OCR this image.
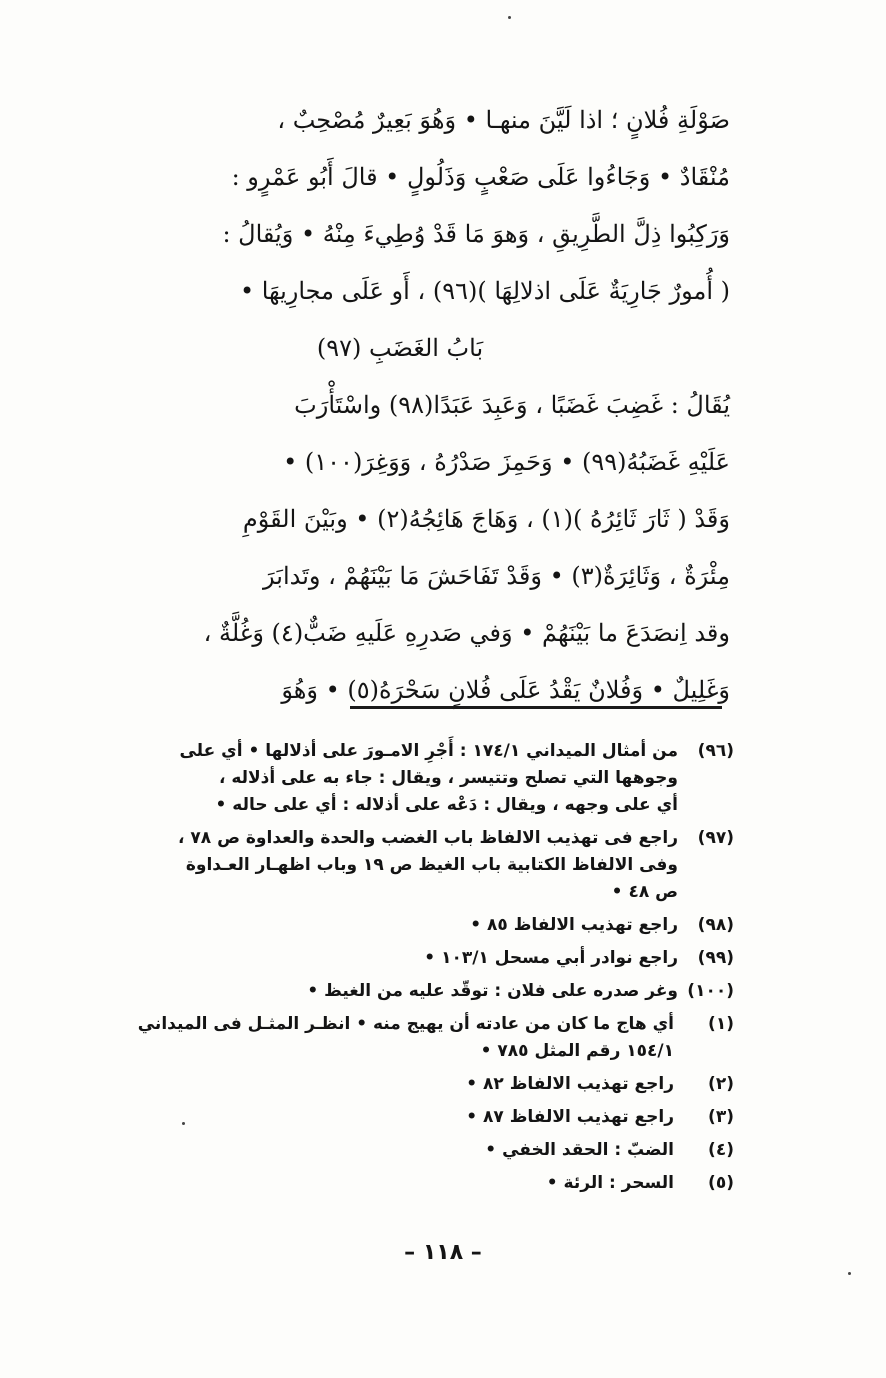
صَوْلَةِ فُلانٍ ؛ اذا لَيَّنَ منهـا • وَهُوَ بَعِيرٌ مُصْحِبٌ ،
مُنْقَادٌ • وَجَاءُوا عَلَى صَعْبٍ وَذَلُولٍ • قالَ أَبُو عَمْرٍو :
وَرَكِبُوا ذِلَّ الطَّرِيقِ ، وَهوَ مَا قَدْ وُطِيءَ مِنْهُ • وَيُقالُ :
( أُمورٌ جَارِيَةٌ عَلَى اذلالِهَا )(٩٦) ، أَو عَلَى مجارِيهَا •
بَابُ الغَضَبِ (٩٧)
يُقَالُ : غَضِبَ غَضَبًا ، وَعَبِدَ عَبَدًا(٩٨) واسْتَأْرَبَ
عَلَيْهِ غَضَبُهُ(٩٩) • وَحَمِزَ صَدْرُهُ ، وَوَغِرَ(١٠٠) •
وَقَدْ ( ثَارَ ثَائِرُهُ )(١) ، وَهَاجَ هَائِجُهُ(٢) • وبَيْنَ القَوْمِ
مِئْرَةٌ ، وَثَائِرَةٌ(٣) • وَقَدْ تَفَاحَشَ مَا بَيْنَهُمْ ، وتَدابَرَ
وقد اِنصَدَعَ ما بَيْنَهُمْ • وَفي صَدرِهِ عَلَيهِ ضَبٌّ(٤) وَغُلَّةٌ ،
وَغَلِيلٌ • وَفُلانٌ يَقْدُ عَلَى فُلانٍ سَحْرَهُ(٥) • وَهُوَ
(٩٦)
من أمثال الميداني ١٧٤/١ : أَجْرِ الامـورَ على أذلالها • أي على
وجوهها التي تصلح وتتيسر ، ويقال : جاء به على أذلاله ،
أي على وجهه ، ويقال : دَعْه على أذلاله : أي على حاله •
(٩٧)
راجع فى تهذيب الالفاظ باب الغضب والحدة والعداوة ص ٧٨ ،
وفى الالفاظ الكتابية باب الغيظ ص ١٩ وباب اظهـار العـداوة
ص ٤٨ •
(٩٨)
راجع تهذيب الالفاظ ٨٥ •
(٩٩)
راجع نوادر أبي مسحل ١٠٣/١ •
(١٠٠)
وغر صدره على فلان : توقّد عليه من الغيظ •
(١)
أي هاج ما كان من عادته أن يهيج منه • انظـر المثـل فى الميداني
١٥٤/١ رقم المثل ٧٨٥ •
(٢)
راجع تهذيب الالفاظ ٨٢ •
(٣)
راجع تهذيب الالفاظ ٨٧ •
(٤)
الضبّ : الحقد الخفي •
(٥)
السحر : الرئة •
– ١١٨ –
